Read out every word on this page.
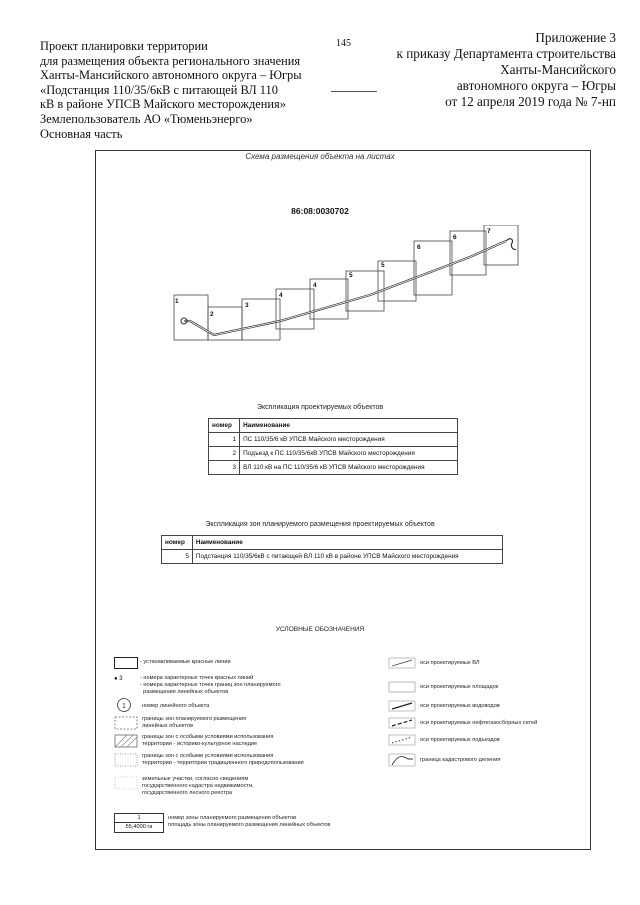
Проект планировки территории
для размещения объекта регионального значения
Ханты-Мансийского автономного округа – Югры
«Подстанция 110/35/6кВ с питающей ВЛ 110
кВ в районе УПСВ Майского месторождения»
Землепользователь АО «Тюменьэнерго»
Основная часть
145	Приложение 3
к приказу Департамента строительства
Ханты-Мансийского
автономного округа – Югры
от 12 апреля 2019 года № 7-нп
Схема размещения объекта на листах
86:08:0030702
1
2
3
4
4
5
5
6
6
7
Экспликация проектируемых объектов
номер	Наименование
1	ПС 110/35/6 кВ УПСВ Майского месторождения
2	Подъезд к ПС 110/35/6кВ УПСВ Майского месторождения
3	ВЛ 110 кВ на ПС 110/35/6 кВ УПСВ Майского месторождения
Экспликация зон планируемого размещения проектируемых объектов
номер	Наименование
5	Подстанция 110/35/6кВ с питающей ВЛ 110 кВ в районе УПСВ Майского месторождения
УСЛОВНЫЕ ОБОЗНАЧЕНИЯ
- устанавливаемые красные линии
● 3	- номера характерных точек красных линий
- номера характерных точек границ зон планируемого
размещения линейных объектов
1	номер линейного объекта
границы зон планируемого размещения
линейных объектов
границы зон с особыми условиями использования
территории - историко-культурное наследие
границы зон с особыми условиями использования
территории - территории традиционного природопользования
земельные участки, согласно сведениям
государственного кадастра недвижимости,
государственного лесного реестра
1
55,4000 га
номер зоны планируемого размещения объектов
площадь зоны планируемого размещения линейных объектов
оси проектируемых ВЛ
оси проектируемых площадок
оси проектируемых водоводов
оси проектируемых нефтегазосборных сетей
оси проектируемых подъездов
граница кадастрового деления
